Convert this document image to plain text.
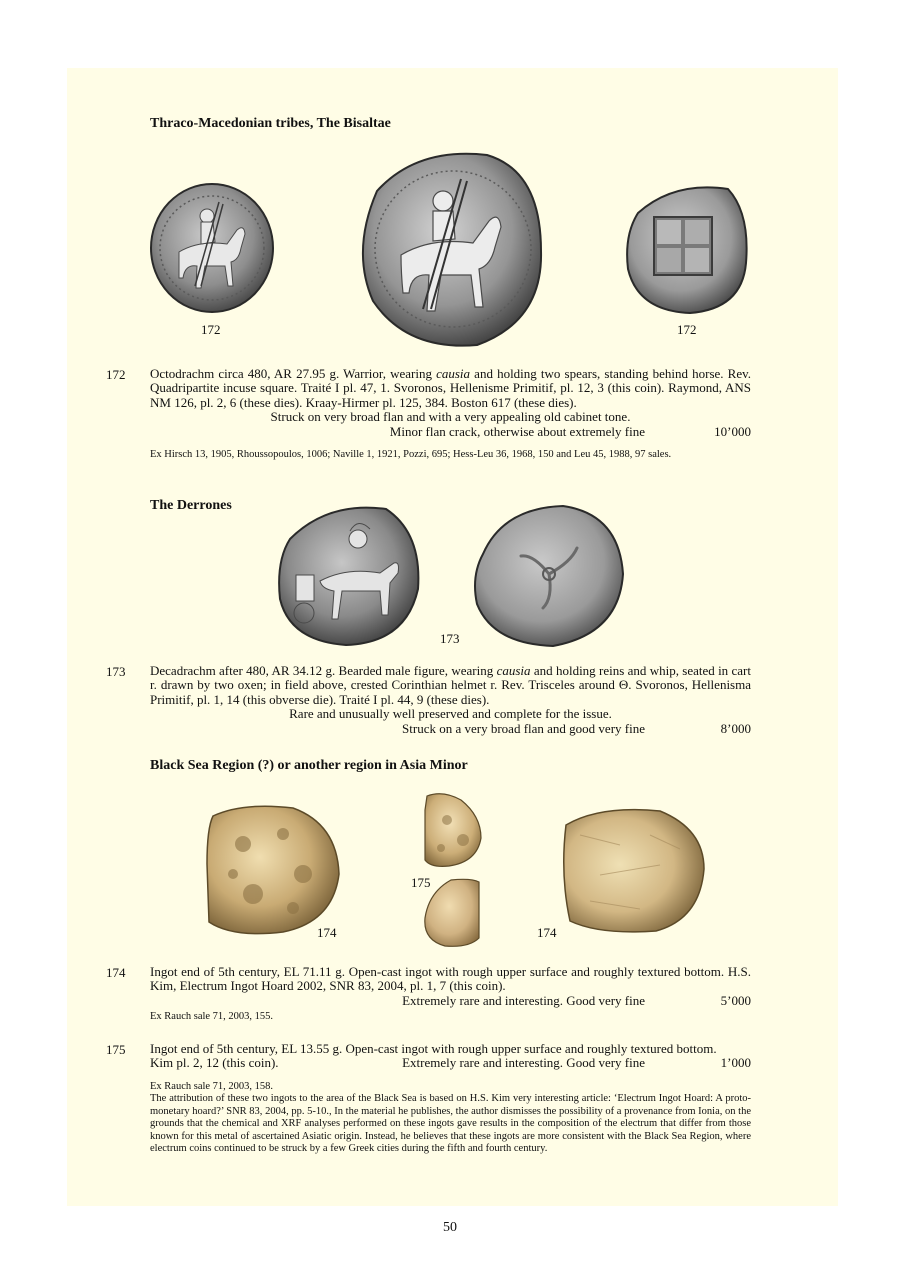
Thraco-Macedonian tribes, The Bisaltae
172	172
172 Octodrachm circa 480, AR 27.95 g. Warrior, wearing causia and holding two spears, standing behind horse. Rev. Quadripartite incuse square. Traité I pl. 47, 1. Svoronos, Hellenisme Primitif, pl. 12, 3 (this coin). Raymond, ANS NM 126, pl. 2, 6 (these dies). Kraay-Hirmer pl. 125, 384. Boston 617 (these dies).

Struck on very broad flan and with a very appealing old cabinet tone.

Minor flan crack, otherwise about extremely fine	10’000
Ex Hirsch 13, 1905, Rhoussopoulos, 1006; Naville 1, 1921, Pozzi, 695; Hess-Leu 36, 1968, 150 and Leu 45, 1988, 97 sales.
The Derrones
173
173 Decadrachm after 480, AR 34.12 g. Bearded male figure, wearing causia and holding reins and whip, seated in cart r. drawn by two oxen; in field above, crested Corinthian helmet r. Rev. Trisceles around Θ. Svoronos, Hellenisma Primitif, pl. 1, 14 (this obverse die). Traité I pl. 44, 9 (these dies).

Rare and unusually well preserved and complete for the issue.

Struck on a very broad flan and good very fine	8’000
Black Sea Region (?) or another region in Asia Minor
174
175
174
174 Ingot end of 5th century, EL 71.11 g. Open-cast ingot with rough upper surface and roughly textured bottom. H.S. Kim, Electrum Ingot Hoard 2002, SNR 83, 2004, pl. 1, 7 (this coin).

Extremely rare and interesting. Good very fine	5’000
Ex Rauch sale 71, 2003, 155.
175 Ingot end of 5th century, EL 13.55 g. Open-cast ingot with rough upper surface and roughly textured bottom.

Kim pl. 2, 12 (this coin).	Extremely rare and interesting. Good very fine	1’000
Ex Rauch sale 71, 2003, 158.
The attribution of these two ingots to the area of the Black Sea is based on H.S. Kim very interesting article: ‘Electrum Ingot Hoard: A proto-monetary hoard?’ SNR 83, 2004, pp. 5-10., In the material he publishes, the author dismisses the possibility of a provenance from Ionia, on the grounds that the chemical and XRF analyses performed on these ingots gave results in the composition of the electrum that differ from those known for this metal of ascertained Asiatic origin. Instead, he believes that these ingots are more consistent with the Black Sea Region, where electrum coins continued to be struck by a few Greek cities during the fifth and fourth century.
50
